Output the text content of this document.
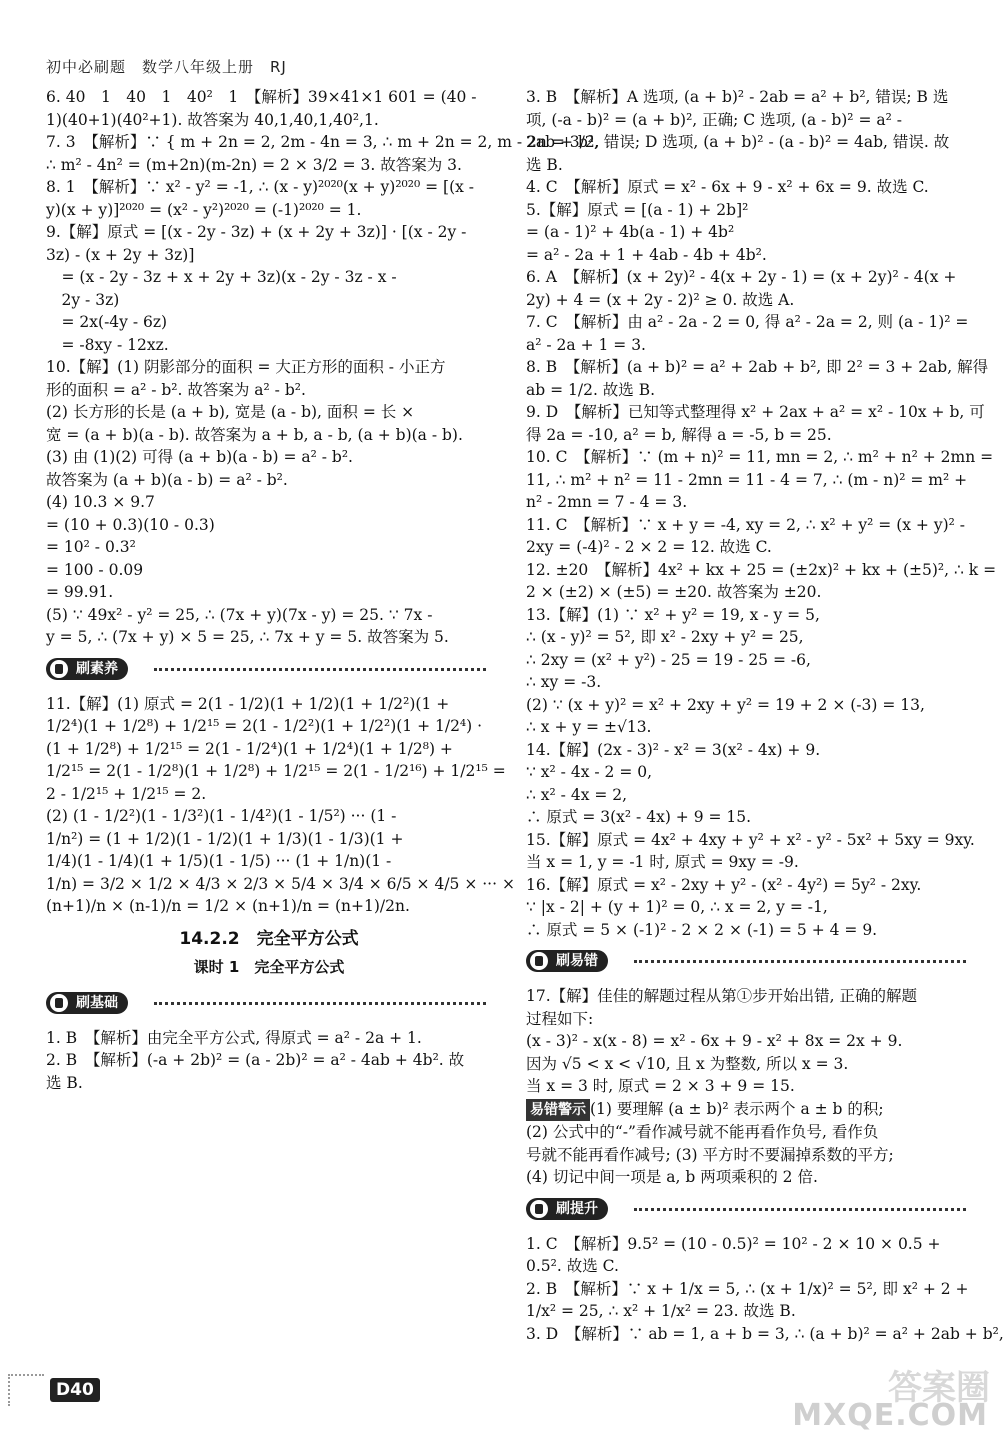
初中必刷题　数学八年级上册　RJ
6. 40　1　40　1　40²　1　【解析】39×41×1 601 = (40 -
1)(40+1)(40²+1). 故答案为 40,1,40,1,40²,1.
7. 3　【解析】∵ { m + 2n = 2, 2m - 4n = 3, ∴ m + 2n = 2, m - 2n = 3/2,
∴ m² - 4n² = (m+2n)(m-2n) = 2 × 3/2 = 3. 故答案为 3.
8. 1　【解析】∵ x² - y² = -1, ∴ (x - y)²⁰²⁰(x + y)²⁰²⁰ = [(x -
y)(x + y)]²⁰²⁰ = (x² - y²)²⁰²⁰ = (-1)²⁰²⁰ = 1.
9.【解】原式 = [(x - 2y - 3z) + (x + 2y + 3z)] · [(x - 2y -
3z) - (x + 2y + 3z)]
　= (x - 2y - 3z + x + 2y + 3z)(x - 2y - 3z - x -
　2y - 3z)
　= 2x(-4y - 6z)
　= -8xy - 12xz.
10.【解】(1) 阴影部分的面积 = 大正方形的面积 - 小正方
形的面积 = a² - b². 故答案为 a² - b².
(2) 长方形的长是 (a + b), 宽是 (a - b), 面积 = 长 ×
宽 = (a + b)(a - b). 故答案为 a + b, a - b, (a + b)(a - b).
(3) 由 (1)(2) 可得 (a + b)(a - b) = a² - b².
故答案为 (a + b)(a - b) = a² - b².
(4) 10.3 × 9.7
= (10 + 0.3)(10 - 0.3)
= 10² - 0.3²
= 100 - 0.09
= 99.91.
(5) ∵ 49x² - y² = 25, ∴ (7x + y)(7x - y) = 25. ∵ 7x -
y = 5, ∴ (7x + y) × 5 = 25, ∴ 7x + y = 5. 故答案为 5.
刷素养
11.【解】(1) 原式 = 2(1 - 1/2)(1 + 1/2)(1 + 1/2²)(1 +
1/2⁴)(1 + 1/2⁸) + 1/2¹⁵ = 2(1 - 1/2²)(1 + 1/2²)(1 + 1/2⁴) ·
(1 + 1/2⁸) + 1/2¹⁵ = 2(1 - 1/2⁴)(1 + 1/2⁴)(1 + 1/2⁸) +
1/2¹⁵ = 2(1 - 1/2⁸)(1 + 1/2⁸) + 1/2¹⁵ = 2(1 - 1/2¹⁶) + 1/2¹⁵ =
2 - 1/2¹⁵ + 1/2¹⁵ = 2.
(2) (1 - 1/2²)(1 - 1/3²)(1 - 1/4²)(1 - 1/5²) ··· (1 -
1/n²) = (1 + 1/2)(1 - 1/2)(1 + 1/3)(1 - 1/3)(1 +
1/4)(1 - 1/4)(1 + 1/5)(1 - 1/5) ··· (1 + 1/n)(1 -
1/n) = 3/2 × 1/2 × 4/3 × 2/3 × 5/4 × 3/4 × 6/5 × 4/5 × ··· ×
(n+1)/n × (n-1)/n = 1/2 × (n+1)/n = (n+1)/2n.
14.2.2　完全平方公式
课时 1　完全平方公式
刷基础
1. B　【解析】由完全平方公式, 得原式 = a² - 2a + 1.
2. B　【解析】(-a + 2b)² = (a - 2b)² = a² - 4ab + 4b². 故
选 B.
3. B　【解析】A 选项, (a + b)² - 2ab = a² + b², 错误; B 选
项, (-a - b)² = (a + b)², 正确; C 选项, (a - b)² = a² -
2ab + b², 错误; D 选项, (a + b)² - (a - b)² = 4ab, 错误. 故
选 B.
4. C　【解析】原式 = x² - 6x + 9 - x² + 6x = 9. 故选 C.
5.【解】原式 = [(a - 1) + 2b]²
= (a - 1)² + 4b(a - 1) + 4b²
= a² - 2a + 1 + 4ab - 4b + 4b².
6. A　【解析】(x + 2y)² - 4(x + 2y - 1) = (x + 2y)² - 4(x +
2y) + 4 = (x + 2y - 2)² ≥ 0. 故选 A.
7. C　【解析】由 a² - 2a - 2 = 0, 得 a² - 2a = 2, 则 (a - 1)² =
a² - 2a + 1 = 3.
8. B　【解析】(a + b)² = a² + 2ab + b², 即 2² = 3 + 2ab, 解得
ab = 1/2. 故选 B.
9. D　【解析】已知等式整理得 x² + 2ax + a² = x² - 10x + b, 可
得 2a = -10, a² = b, 解得 a = -5, b = 25.
10. C　【解析】∵ (m + n)² = 11, mn = 2, ∴ m² + n² + 2mn =
11, ∴ m² + n² = 11 - 2mn = 11 - 4 = 7, ∴ (m - n)² = m² +
n² - 2mn = 7 - 4 = 3.
11. C　【解析】∵ x + y = -4, xy = 2, ∴ x² + y² = (x + y)² -
2xy = (-4)² - 2 × 2 = 12. 故选 C.
12. ±20　【解析】4x² + kx + 25 = (±2x)² + kx + (±5)², ∴ k =
2 × (±2) × (±5) = ±20. 故答案为 ±20.
13.【解】(1) ∵ x² + y² = 19, x - y = 5,
∴ (x - y)² = 5², 即 x² - 2xy + y² = 25,
∴ 2xy = (x² + y²) - 25 = 19 - 25 = -6,
∴ xy = -3.
(2) ∵ (x + y)² = x² + 2xy + y² = 19 + 2 × (-3) = 13,
∴ x + y = ±√13.
14.【解】(2x - 3)² - x² = 3(x² - 4x) + 9.
∵ x² - 4x - 2 = 0,
∴ x² - 4x = 2,
∴ 原式 = 3(x² - 4x) + 9 = 15.
15.【解】原式 = 4x² + 4xy + y² + x² - y² - 5x² + 5xy = 9xy.
当 x = 1, y = -1 时, 原式 = 9xy = -9.
16.【解】原式 = x² - 2xy + y² - (x² - 4y²) = 5y² - 2xy.
∵ |x - 2| + (y + 1)² = 0, ∴ x = 2, y = -1,
∴ 原式 = 5 × (-1)² - 2 × 2 × (-1) = 5 + 4 = 9.
刷易错
17.【解】佳佳的解题过程从第①步开始出错, 正确的解题
过程如下:
(x - 3)² - x(x - 8) = x² - 6x + 9 - x² + 8x = 2x + 9.
因为 √5 < x < √10, 且 x 为整数, 所以 x = 3.
当 x = 3 时, 原式 = 2 × 3 + 9 = 15.
易错警示 (1) 要理解 (a ± b)² 表示两个 a ± b 的积;
(2) 公式中的“-”看作减号就不能再看作负号, 看作负
号就不能再看作减号; (3) 平方时不要漏掉系数的平方;
(4) 切记中间一项是 a, b 两项乘积的 2 倍.
刷提升
1. C　【解析】9.5² = (10 - 0.5)² = 10² - 2 × 10 × 0.5 +
0.5². 故选 C.
2. B　【解析】∵ x + 1/x = 5, ∴ (x + 1/x)² = 5², 即 x² + 2 +
1/x² = 25, ∴ x² + 1/x² = 23. 故选 B.
3. D　【解析】∵ ab = 1, a + b = 3, ∴ (a + b)² = a² + 2ab + b²,
D40	答案圈
MXQE.COM
